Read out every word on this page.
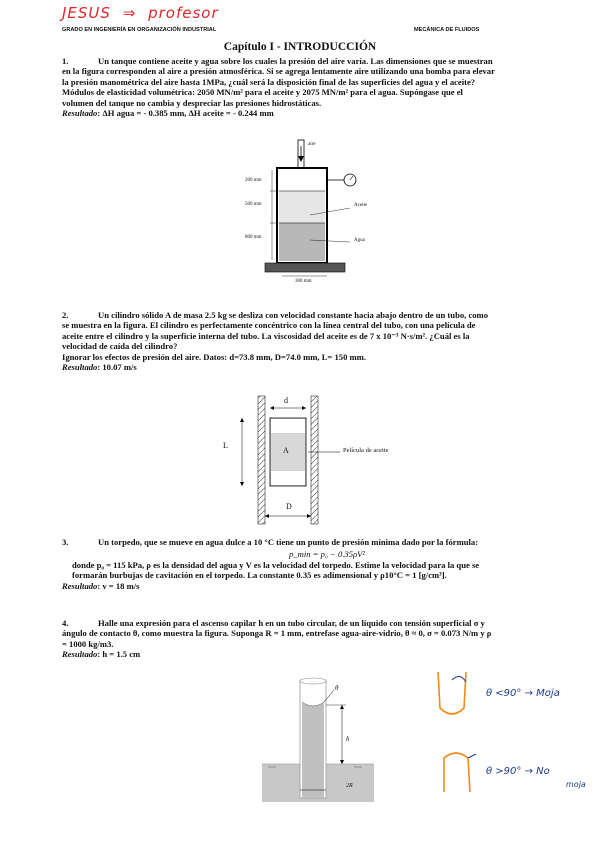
JESUS ⇒ profesor
GRADO EN INGENIERÍA EN ORGANIZACIÓN INDUSTRIAL	MECÁNICA DE FLUIDOS
Capítulo I - INTRODUCCIÓN
1.	Un tanque contiene aceite y agua sobre los cuales la presión del aire varía. Las dimensiones que se muestran
en la figura corresponden al aire a presión atmosférica. Si se agrega lentamente aire utilizando una bomba para elevar
la presión manométrica del aire hasta 1MPa, ¿cuál será la disposición final de las superficies del agua y el aceite?
Módulos de elasticidad volumétrica: 2050 MN/m² para el aceite y 2075 MN/m² para el agua. Supóngase que el
volumen del tanque no cambia y despreciar las presiones hidrostáticas.
Resultado: ΔH agua = - 0.385 mm, ΔH aceite = - 0.244 mm
aire
200 mm
500 mm
800 mm
Aceite
Agua
300 mm
2.	Un cilindro sólido A de masa 2.5 kg se desliza con velocidad constante hacia abajo dentro de un tubo, como
se muestra en la figura. El cilindro es perfectamente concéntrico con la línea central del tubo, con una película de
aceite entre el cilindro y la superficie interna del tubo. La viscosidad del aceite es de 7 x 10⁻³ N·s/m². ¿Cuál es la
velocidad de caída del cilindro?
Ignorar los efectos de presión del aire. Datos: d=73.8 mm, D=74.0 mm, L= 150 mm.
Resultado: 10.07 m/s
d
L
A
D
Película de aceite
3.	Un torpedo, que se mueve en agua dulce a 10 °C tiene un punto de presión mínima dado por la fórmula:
p_min = p₀ − 0.35ρV²
donde p₀ = 115 kPa, ρ es la densidad del agua y V es la velocidad del torpedo. Estime la velocidad para la que se
formarán burbujas de cavitación en el torpedo. La constante 0.35 es adimensional y ρ10°C = 1 [g/cm³].
Resultado: v = 18 m/s
4.	Halle una expresión para el ascenso capilar h en un tubo circular, de un líquido con tensión superficial σ y
ángulo de contacto θ, como muestra la figura. Suponga R = 1 mm, entrefase agua-aire-vidrio, θ ≈ 0, σ = 0.073 N/m y ρ
= 1000 kg/m3.
Resultado: h = 1.5 cm
θ
h
2R
θ <90° → Moja
θ >90° → No
moja
